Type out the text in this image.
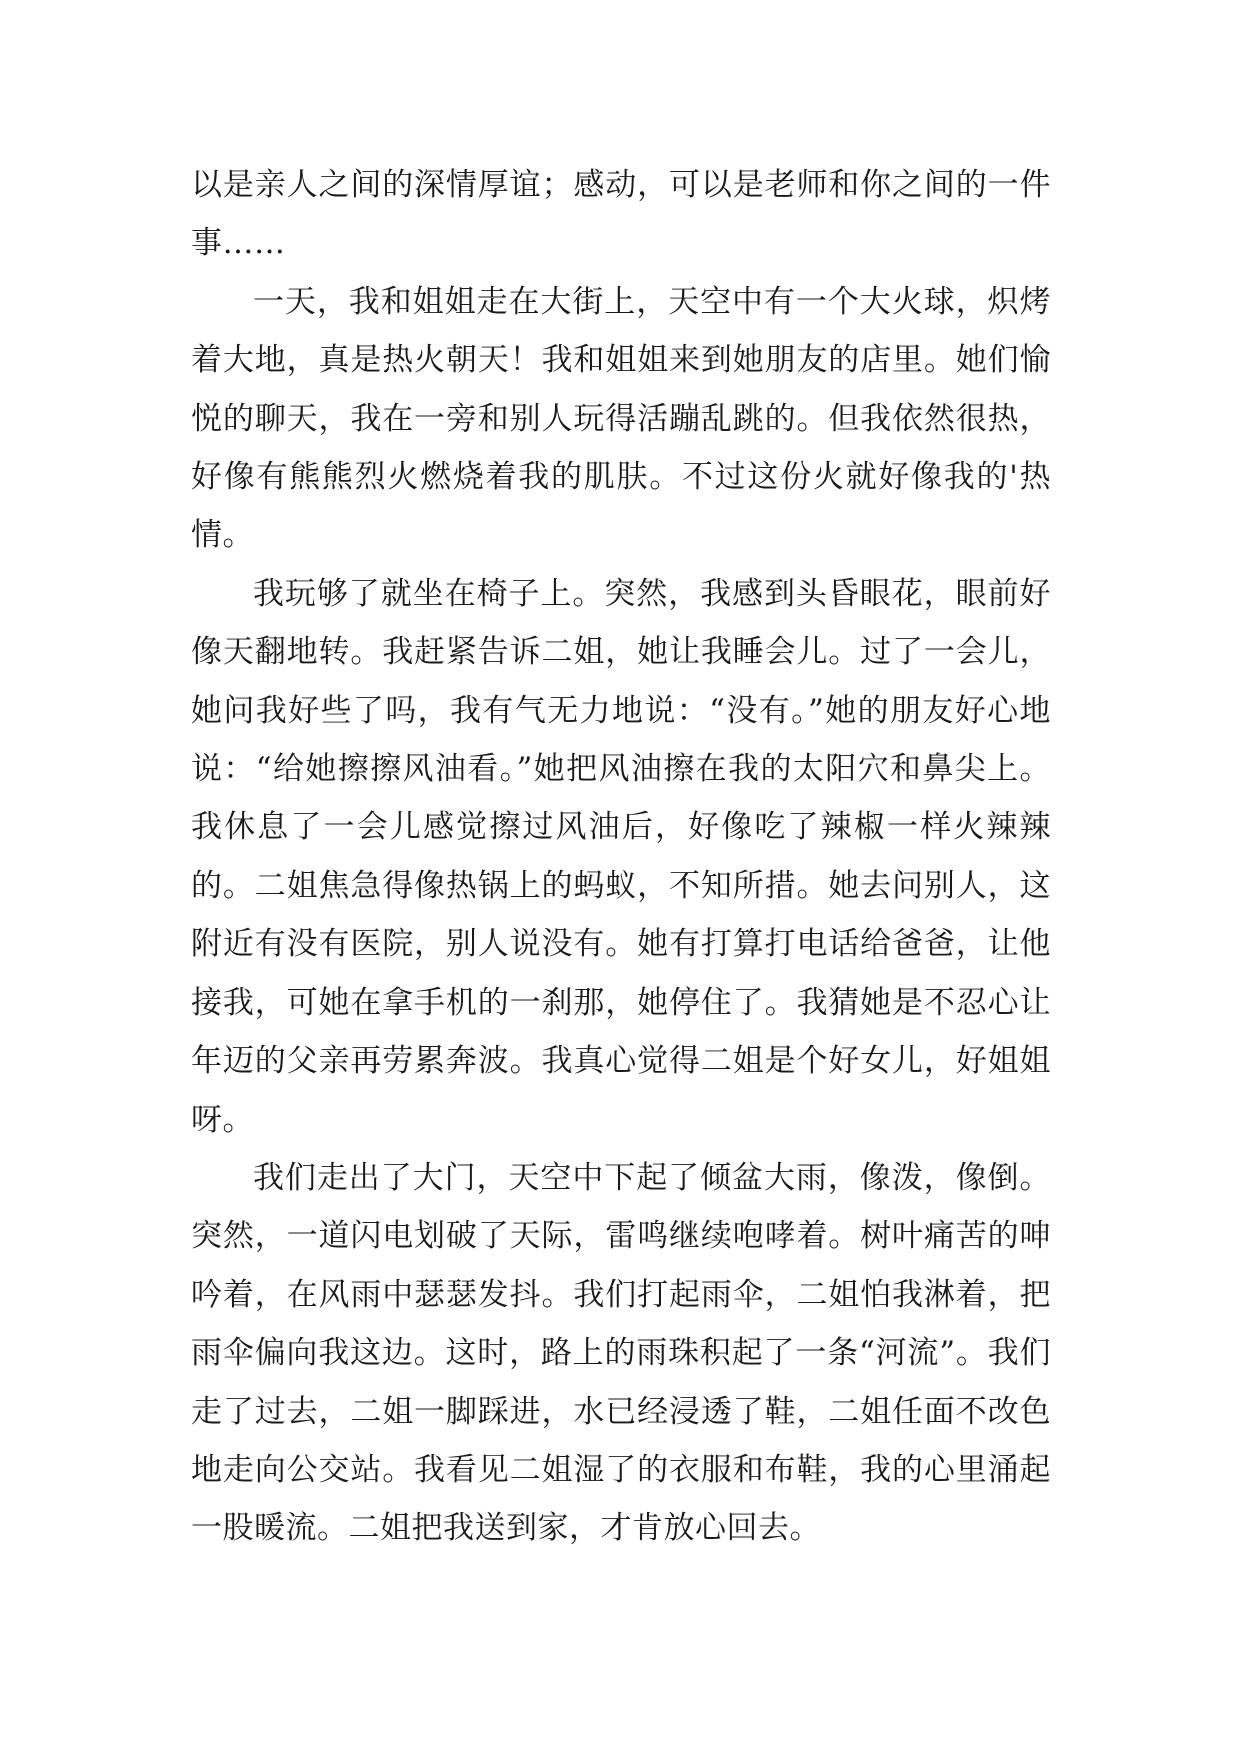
以是亲人之间的深情厚谊；感动，可以是老师和你之间的一件事……

一天，我和姐姐走在大街上，天空中有一个大火球，炽烤着大地，真是热火朝天！我和姐姐来到她朋友的店里。她们愉悦的聊天，我在一旁和别人玩得活蹦乱跳的。但我依然很热，好像有熊熊烈火燃烧着我的肌肤。不过这份火就好像我的'热情。

我玩够了就坐在椅子上。突然，我感到头昏眼花，眼前好像天翻地转。我赶紧告诉二姐，她让我睡会儿。过了一会儿，她问我好些了吗，我有气无力地说：“没有。”她的朋友好心地说：“给她擦擦风油看。”她把风油擦在我的太阳穴和鼻尖上。我休息了一会儿感觉擦过风油后，好像吃了辣椒一样火辣辣的。二姐焦急得像热锅上的蚂蚁，不知所措。她去问别人，这附近有没有医院，别人说没有。她有打算打电话给爸爸，让他接我，可她在拿手机的一刹那，她停住了。我猜她是不忍心让年迈的父亲再劳累奔波。我真心觉得二姐是个好女儿，好姐姐呀。

我们走出了大门，天空中下起了倾盆大雨，像泼，像倒。突然，一道闪电划破了天际，雷鸣继续咆哮着。树叶痛苦的呻吟着，在风雨中瑟瑟发抖。我们打起雨伞，二姐怕我淋着，把雨伞偏向我这边。这时，路上的雨珠积起了一条“河流”。我们走了过去，二姐一脚踩进，水已经浸透了鞋，二姐任面不改色地走向公交站。我看见二姐湿了的衣服和布鞋，我的心里涌起一股暖流。二姐把我送到家，才肯放心回去。
